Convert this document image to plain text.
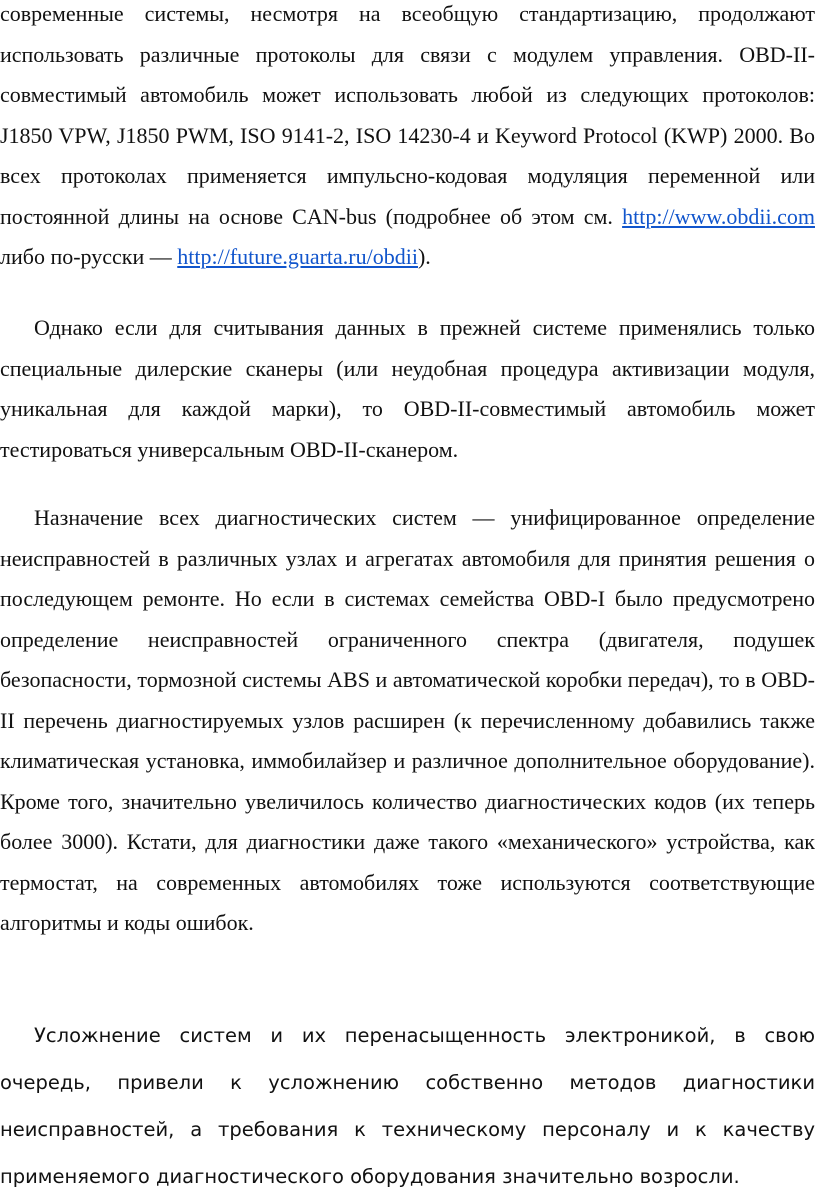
современные системы, несмотря на всеобщую стандартизацию, продолжают использовать различные протоколы для связи с модулем управления. OBD-II-совместимый автомобиль может использовать любой из следующих протоколов: J1850 VPW, J1850 PWM, ISO 9141-2, ISO 14230-4 и Keyword Protocol (KWP) 2000. Во всех протоколах применяется импульсно-кодовая модуляция переменной или постоянной длины на основе CAN-bus (подробнее об этом см. http://www.obdii.com либо по-русски — http://future.guarta.ru/obdii).

Однако если для считывания данных в прежней системе применялись только специальные дилерские сканеры (или неудобная процедура активизации модуля, уникальная для каждой марки), то OBD-II-совместимый автомобиль может тестироваться универсальным OBD-II-сканером.

Назначение всех диагностических систем — унифицированное определение неисправностей в различных узлах и агрегатах автомобиля для принятия решения о последующем ремонте. Но если в системах семейства OBD-I было предусмотрено определение неисправностей ограниченного спектра (двигателя, подушек безопасности, тормозной системы ABS и автоматической коробки передач), то в OBD-II перечень диагностируемых узлов расширен (к перечисленному добавились также климатическая установка, иммобилайзер и различное дополнительное оборудование). Кроме того, значительно увеличилось количество диагностических кодов (их теперь более 3000). Кстати, для диагностики даже такого «механического» устройства, как термостат, на современных автомобилях тоже используются соответствующие алгоритмы и коды ошибок.

Усложнение систем и их перенасыщенность электроникой, в свою очередь, привели к усложнению собственно методов диагностики неисправностей, а требования к техническому персоналу и к качеству применяемого диагностического оборудования значительно возросли.
